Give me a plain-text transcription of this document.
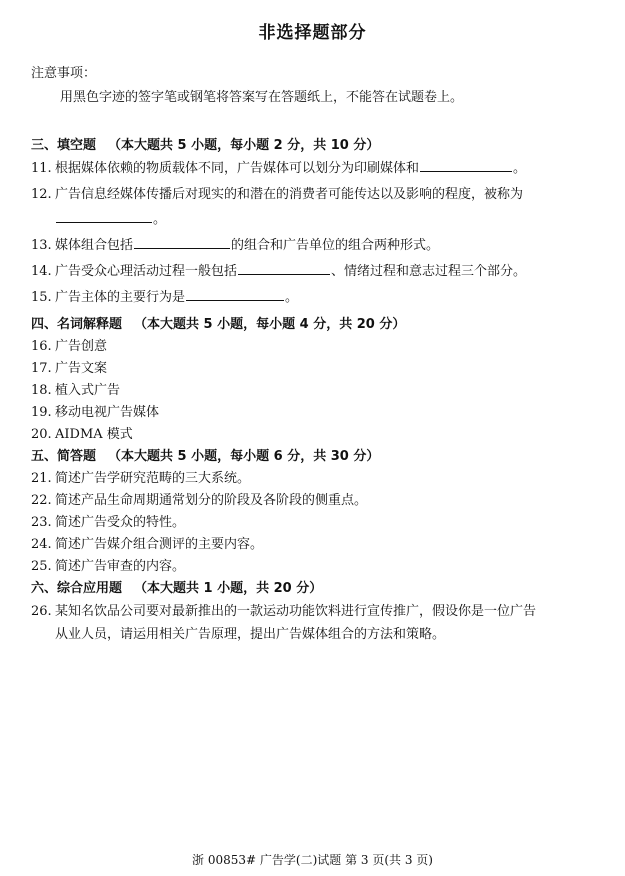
非选择题部分
注意事项：
用黑色字迹的签字笔或钢笔将答案写在答题纸上，不能答在试题卷上。
三、填空题 （本大题共 5 小题，每小题 2 分，共 10 分）
11. 根据媒体依赖的物质载体不同，广告媒体可以划分为印刷媒体和	。
12. 广告信息经媒体传播后对现实的和潜在的消费者可能传达以及影响的程度，被称为
。
13. 媒体组合包括	的组合和广告单位的组合两种形式。
14. 广告受众心理活动过程一般包括	、情绪过程和意志过程三个部分。
15. 广告主体的主要行为是	。
四、名词解释题 （本大题共 5 小题，每小题 4 分，共 20 分）
16. 广告创意
17. 广告文案
18. 植入式广告
19. 移动电视广告媒体
20. AIDMA 模式
五、简答题 （本大题共 5 小题，每小题 6 分，共 30 分）
21. 简述广告学研究范畴的三大系统。
22. 简述产品生命周期通常划分的阶段及各阶段的侧重点。
23. 简述广告受众的特性。
24. 简述广告媒介组合测评的主要内容。
25. 简述广告审查的内容。
六、综合应用题 （本大题共 1 小题，共 20 分）
26. 某知名饮品公司要对最新推出的一款运动功能饮料进行宣传推广，假设你是一位广告
从业人员，请运用相关广告原理，提出广告媒体组合的方法和策略。
浙 00853# 广告学(二)试题 第 3 页(共 3 页)
